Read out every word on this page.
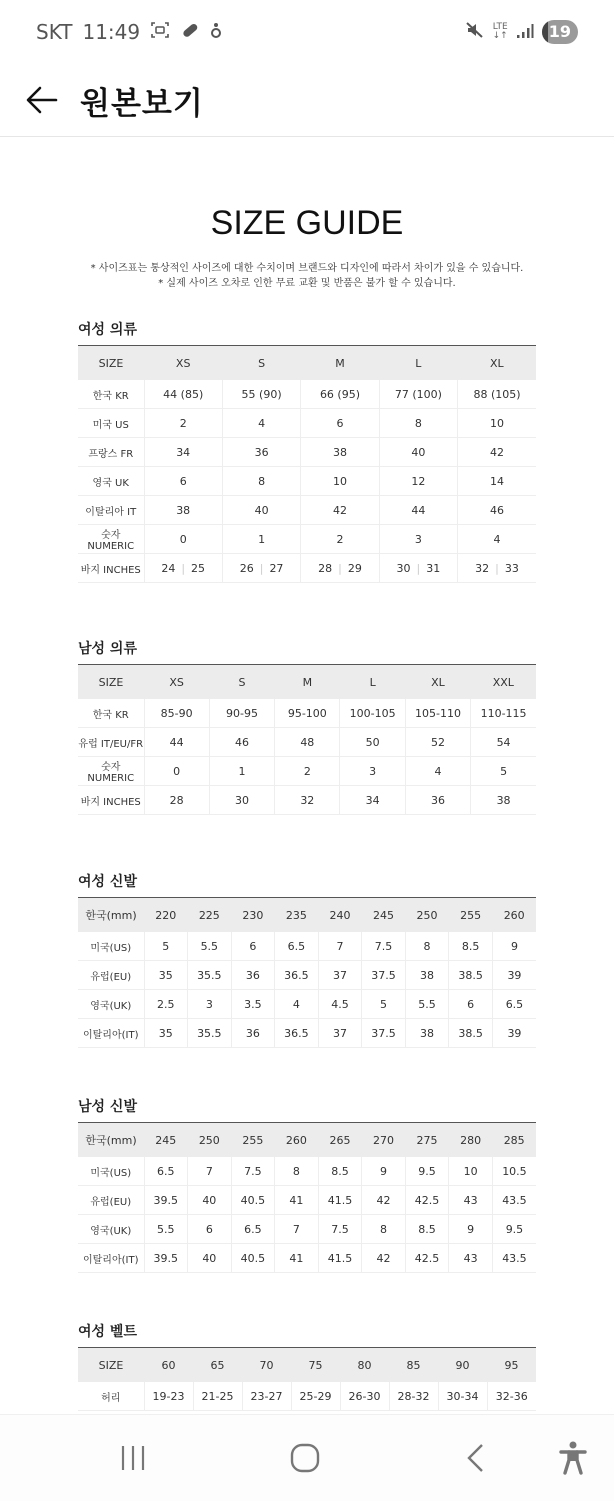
SKT 11:49	LTE
↓↑	19
원본보기
SIZE GUIDE
* 사이즈표는 통상적인 사이즈에 대한 수치이며 브랜드와 디자인에 따라서 차이가 있을 수 있습니다.
* 실제 사이즈 오차로 인한 무료 교환 및 반품은 불가 할 수 있습니다.
여성 의류
SIZE	XS	S	M	L	XL
한국 KR	44 (85)	55 (90)	66 (95)	77 (100)	88 (105)
미국 US	2	4	6	8	10
프랑스 FR	34	36	38	40	42
영국 UK	6	8	10	12	14
이탈리아 IT	38	40	42	44	46
숫자 NUMERIC	0	1	2	3	4
바지 INCHES	24 | 25	26 | 27	28 | 29	30 | 31	32 | 33
남성 의류
SIZE	XS	S	M	L	XL	XXL
한국 KR	85-90	90-95	95-100	100-105	105-110	110-115
유럽 IT/EU/FR	44	46	48	50	52	54
숫자 NUMERIC	0	1	2	3	4	5
바지 INCHES	28	30	32	34	36	38
여성 신발
한국(mm)	220	225	230	235	240	245	250	255	260
미국(US)	5	5.5	6	6.5	7	7.5	8	8.5	9
유럽(EU)	35	35.5	36	36.5	37	37.5	38	38.5	39
영국(UK)	2.5	3	3.5	4	4.5	5	5.5	6	6.5
이탈리아(IT)	35	35.5	36	36.5	37	37.5	38	38.5	39
남성 신발
한국(mm)	245	250	255	260	265	270	275	280	285
미국(US)	6.5	7	7.5	8	8.5	9	9.5	10	10.5
유럽(EU)	39.5	40	40.5	41	41.5	42	42.5	43	43.5
영국(UK)	5.5	6	6.5	7	7.5	8	8.5	9	9.5
이탈리아(IT)	39.5	40	40.5	41	41.5	42	42.5	43	43.5
여성 벨트
SIZE	60	65	70	75	80	85	90	95
허리	19-23	21-25	23-27	25-29	26-30	28-32	30-34	32-36
